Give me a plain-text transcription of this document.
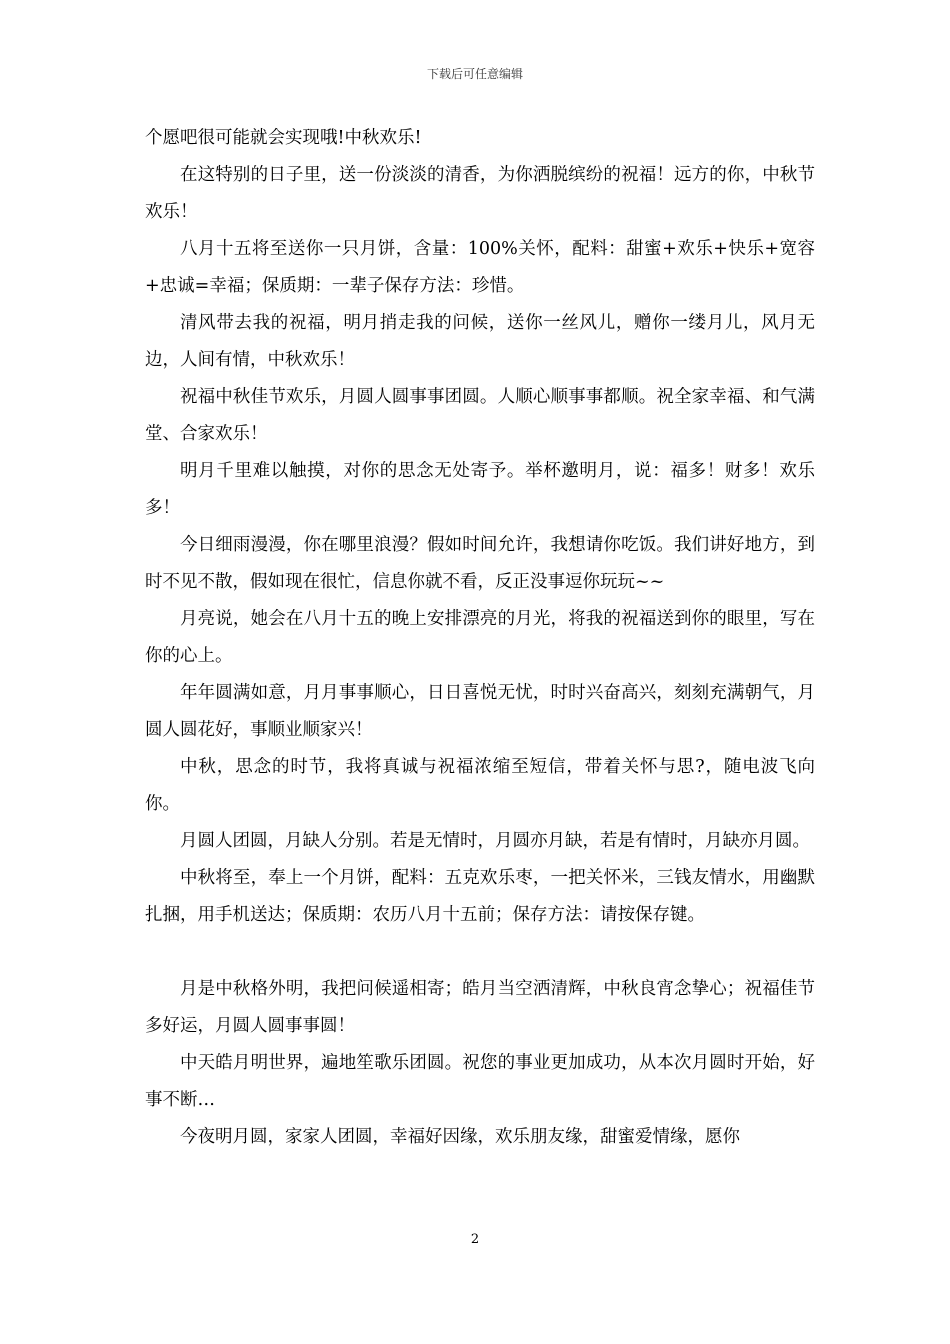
下载后可任意编辑

个愿吧很可能就会实现哦!中秋欢乐!

在这特别的日子里，送一份淡淡的清香，为你洒脱缤纷的祝福！远方的你，中秋节欢乐！

八月十五将至送你一只月饼，含量：100%关怀，配料：甜蜜+欢乐+快乐+宽容+忠诚=幸福；保质期：一辈子保存方法：珍惜。

清风带去我的祝福，明月捎走我的问候，送你一丝风儿，赠你一缕月儿，风月无边，人间有情，中秋欢乐！

祝福中秋佳节欢乐，月圆人圆事事团圆。人顺心顺事事都顺。祝全家幸福、和气满堂、合家欢乐！

明月千里难以触摸，对你的思念无处寄予。举杯邀明月，说：福多！财多！欢乐多！

今日细雨漫漫，你在哪里浪漫？假如时间允许，我想请你吃饭。我们讲好地方，到时不见不散，假如现在很忙，信息你就不看，反正没事逗你玩玩~~

月亮说，她会在八月十五的晚上安排漂亮的月光，将我的祝福送到你的眼里，写在你的心上。

年年圆满如意，月月事事顺心，日日喜悦无忧，时时兴奋高兴，刻刻充满朝气，月圆人圆花好，事顺业顺家兴！

中秋，思念的时节，我将真诚与祝福浓缩至短信，带着关怀与思?，随电波飞向你。

月圆人团圆，月缺人分别。若是无情时，月圆亦月缺，若是有情时，月缺亦月圆。

中秋将至，奉上一个月饼，配料：五克欢乐枣，一把关怀米，三钱友情水，用幽默扎捆，用手机送达；保质期：农历八月十五前；保存方法：请按保存键。

月是中秋格外明，我把问候遥相寄；皓月当空洒清辉，中秋良宵念挚心；祝福佳节多好运，月圆人圆事事圆！

中天皓月明世界，遍地笙歌乐团圆。祝您的事业更加成功，从本次月圆时开始，好事不断…

今夜明月圆，家家人团圆，幸福好因缘，欢乐朋友缘，甜蜜爱情缘，愿你

2
